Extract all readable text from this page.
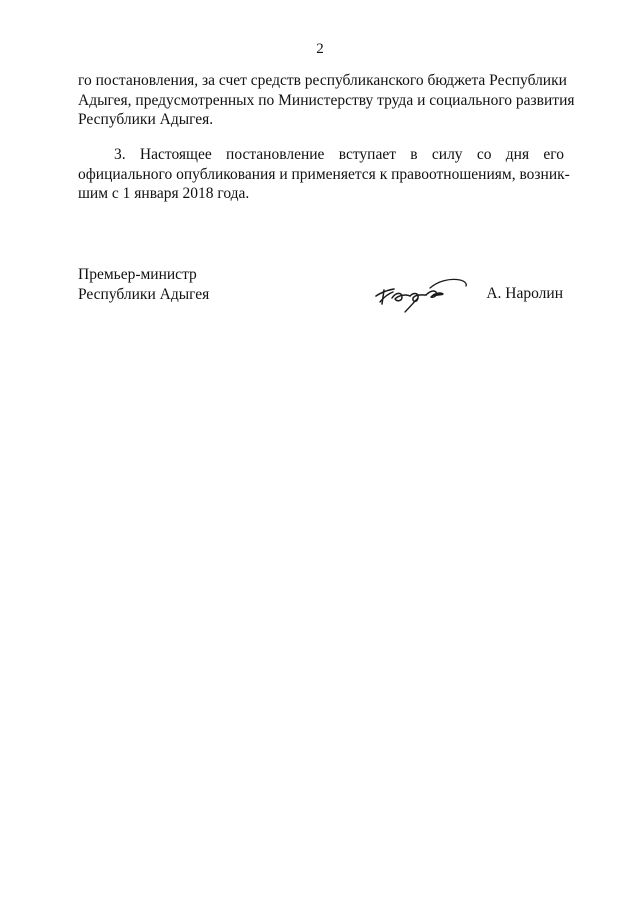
2
го постановления, за счет средств республиканского бюджета Республики
Адыгея, предусмотренных по Министерству труда и социального развития
Республики Адыгея.
3. Настоящее постановление вступает в силу со дня его
официального опубликования и применяется к правоотношениям, возник-
шим с 1 января 2018 года.
Премьер-министр
Республики Адыгея	А. Наролин
